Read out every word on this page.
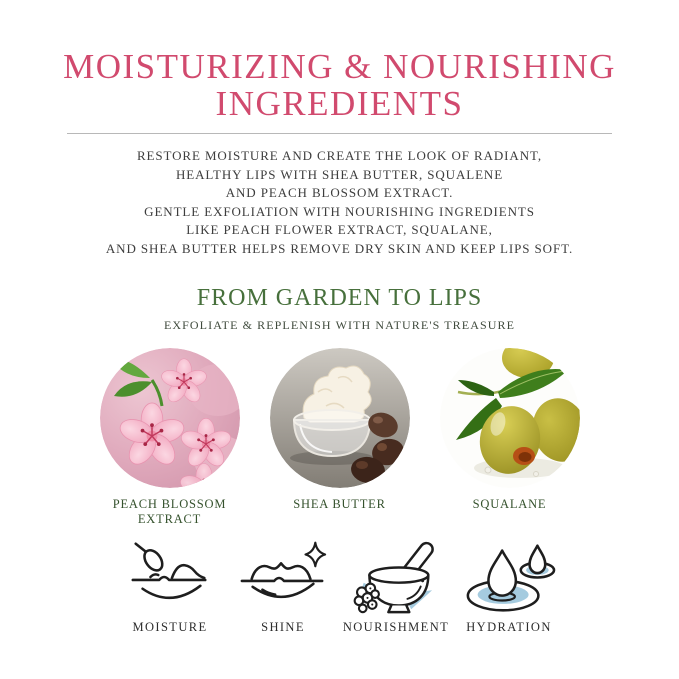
MOISTURIZING & NOURISHING
INGREDIENTS
RESTORE MOISTURE AND CREATE THE LOOK OF RADIANT,
HEALTHY LIPS WITH SHEA BUTTER, SQUALENE
AND PEACH BLOSSOM EXTRACT.
GENTLE EXFOLIATION WITH NOURISHING INGREDIENTS
LIKE PEACH FLOWER EXTRACT, SQUALANE,
AND SHEA BUTTER HELPS REMOVE DRY SKIN AND KEEP LIPS SOFT.
FROM GARDEN TO LIPS
EXFOLIATE & REPLENISH WITH NATURE'S TREASURE
PEACH BLOSSOM EXTRACT
SHEA BUTTER	SQUALANE
MOISTURE	SHINE	NOURISHMENT HYDRATION
